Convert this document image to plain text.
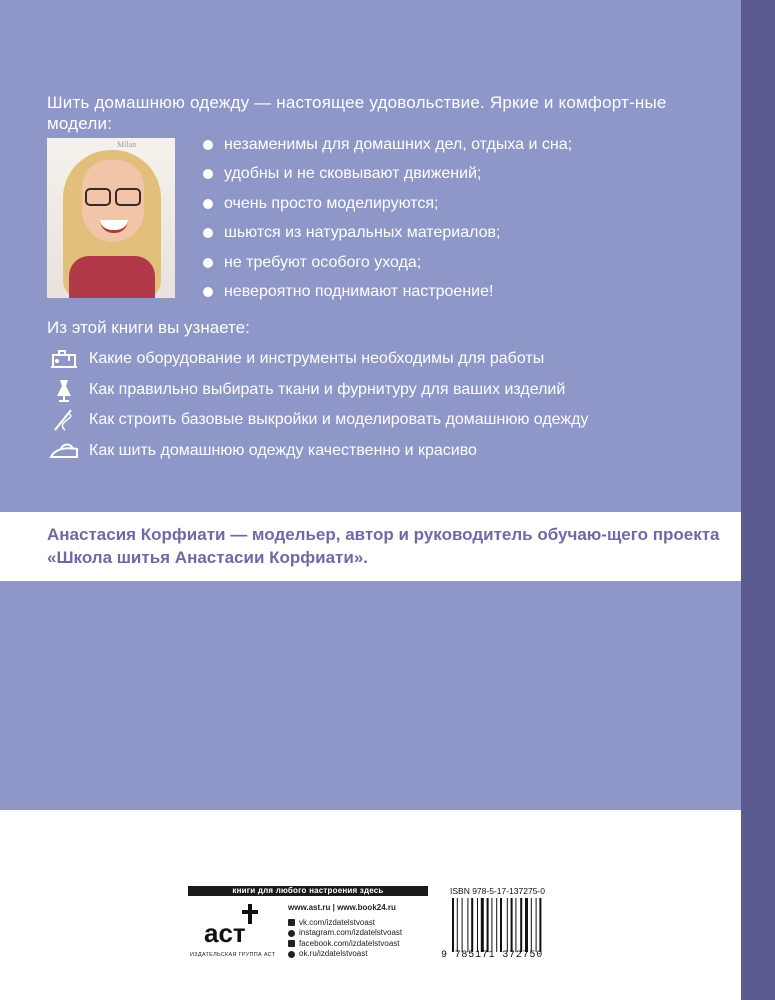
Шить домашнюю одежду — настоящее удовольствие. Яркие и комфорт-ные модели:
Milan	незаменимы для домашних дел, отдыха и сна;
удобны и не сковывают движений;
очень просто моделируются;
шьются из натуральных материалов;
не требуют особого ухода;
невероятно поднимают настроение!
Из этой книги вы узнаете:
Какие оборудование и инструменты необходимы для работы
Как правильно выбирать ткани и фурнитуру для ваших изделий
Как строить базовые выкройки и моделировать домашнюю одежду
Как шить домашнюю одежду качественно и красиво

Анастасия Корфиати — модельер, автор и руководитель обучаю-щего проекта «Школа шитья Анастасии Корфиати».

книги для любого настроения здесь
аст
ИЗДАТЕЛЬСКАЯ ГРУППА АСТ
www.ast.ru | www.book24.ru
vk.com/izdatelstvoast
instagram.com/izdatelstvoast
facebook.com/izdatelstvoast
ok.ru/izdatelstvoast
ISBN 978-5-17-137275-0
9 785171 372750
